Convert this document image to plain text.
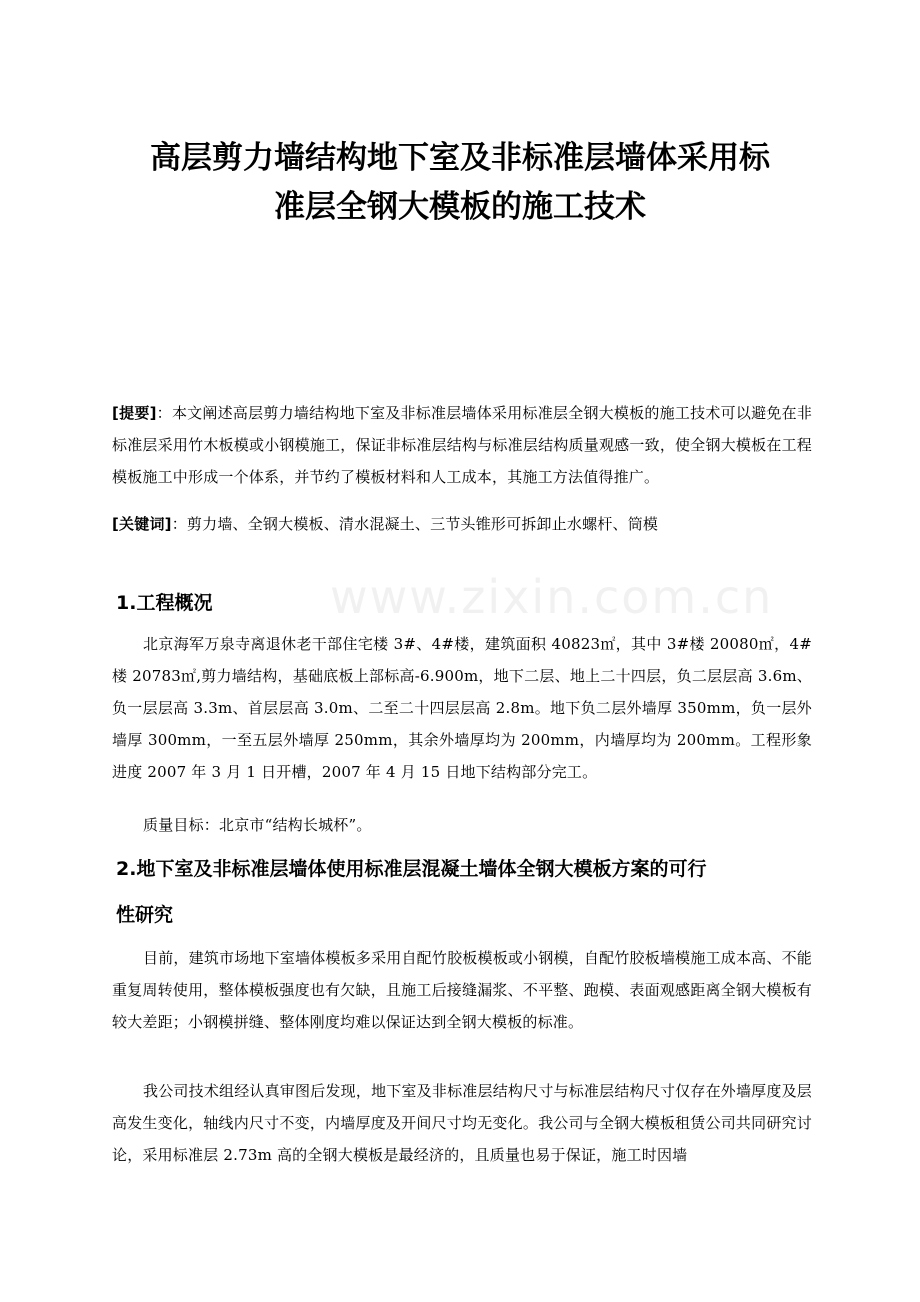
高层剪力墙结构地下室及非标准层墙体采用标
准层全钢大模板的施工技术

[提要]：本文阐述高层剪力墙结构地下室及非标准层墙体采用标准层全钢大模板的施工技术可以避免在非标准层采用竹木板模或小钢模施工，保证非标准层结构与标准层结构质量观感一致，使全钢大模板在工程模板施工中形成一个体系，并节约了模板材料和人工成本，其施工方法值得推广。

[关键词]：剪力墙、全钢大模板、清水混凝土、三节头锥形可拆卸止水螺杆、筒模

www.zixin.com.cn
1.工程概况

北京海军万泉寺离退休老干部住宅楼 3#、4#楼，建筑面积 40823㎡，其中 3#楼 20080㎡，4#楼 20783㎡,剪力墙结构，基础底板上部标高-6.900m，地下二层、地上二十四层，负二层层高 3.6m、负一层层高 3.3m、首层层高 3.0m、二至二十四层层高 2.8m。地下负二层外墙厚 350mm，负一层外墙厚 300mm，一至五层外墙厚 250mm，其余外墙厚均为 200mm，内墙厚均为 200mm。工程形象进度 2007 年 3 月 1 日开槽，2007 年 4 月 15 日地下结构部分完工。

质量目标：北京市“结构长城杯”。

2.地下室及非标准层墙体使用标准层混凝土墙体全钢大模板方案的可行
性研究

目前，建筑市场地下室墙体模板多采用自配竹胶板模板或小钢模，自配竹胶板墙模施工成本高、不能重复周转使用，整体模板强度也有欠缺，且施工后接缝漏浆、不平整、跑模、表面观感距离全钢大模板有较大差距；小钢模拼缝、整体刚度均难以保证达到全钢大模板的标准。

我公司技术组经认真审图后发现，地下室及非标准层结构尺寸与标准层结构尺寸仅存在外墙厚度及层高发生变化，轴线内尺寸不变，内墙厚度及开间尺寸均无变化。我公司与全钢大模板租赁公司共同研究讨论，采用标准层 2.73m 高的全钢大模板是最经济的，且质量也易于保证，施工时因墙
